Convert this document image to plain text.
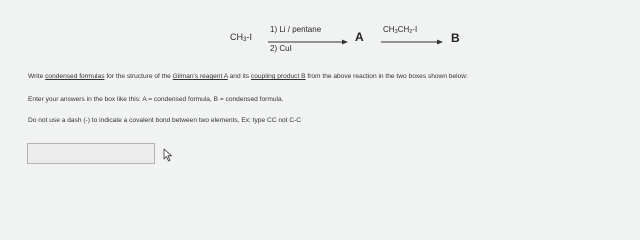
$CH_3-I$
1) Li / pentane
2) CuI
A
$CH_3CH_2-I$
→ B
Write condensed formulas for the structure of the Gilman's reagent A and its coupling product B from the above reaction in the two boxes shown below:
Enter your answers in the box like this: A = condensed formula, B = condensed formula.
Do not use a dash (-) to indicate a covalent bond between two elements, Ex: type CC not C-C
